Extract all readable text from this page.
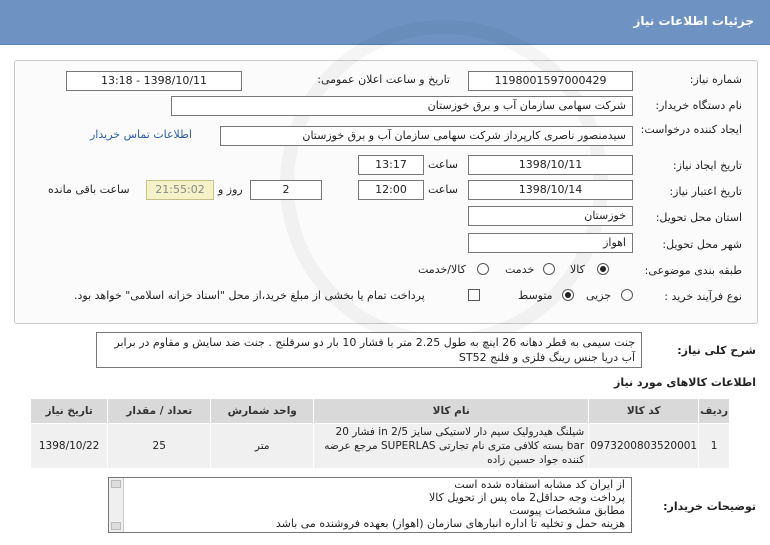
جزئیات اطلاعات نیاز
شماره نیاز:
1198001597000429
تاریخ و ساعت اعلان عمومی:
1398/10/11 - 13:18
نام دستگاه خریدار:
شرکت سهامی سازمان آب و برق خوزستان
ایجاد کننده درخواست:
سیدمنصور ناصری کارپرداز شرکت سهامی سازمان آب و برق خوزستان
اطلاعات تماس خریدار
تاریخ ایجاد نیاز:
1398/10/11
ساعت
13:17
تاریخ اعتبار نیاز:
1398/10/14
ساعت
12:00
2
روز و
21:55:02
ساعت باقی مانده
استان محل تحویل:
خوزستان
شهر محل تحویل:
اهواز
طبقه بندی موضوعی:
کالا
خدمت
کالا/خدمت
نوع فرآیند خرید :
جزیی
متوسط
پرداخت تمام یا بخشی از مبلغ خرید،از محل "اسناد خزانه اسلامی" خواهد بود.
شرح کلی نیاز:
جنت سیمی به قطر دهانه 26 اینچ به طول 2.25 متر با فشار 10 بار دو سرفلنج . جنت ضد سایش و مقاوم در برابر آب دریا جنس رینگ فلزی و فلنج ST52
اطلاعات کالاهای مورد نیاز
ردیف	کد کالا	نام کالا	واحد شمارش	تعداد / مقدار	تاریخ نیاز
1	0973200803520001	شیلنگ هیدرولیک سیم دار لاستیکی سایز in 2/5 فشار 20 bar بسته کلافی متری نام تجارتی SUPERLAS مرجع عرضه کننده جواد حسین زاده	متر	25	1398/10/22
توضیحات خریدار:
از ایران کد مشابه استفاده شده است
پرداخت وجه حداقل2 ماه پس از تحویل کالا
مطابق مشخصات پیوست
هزینه حمل و تخلیه تا اداره انبارهای سازمان (اهواز) بعهده فروشنده می باشد
